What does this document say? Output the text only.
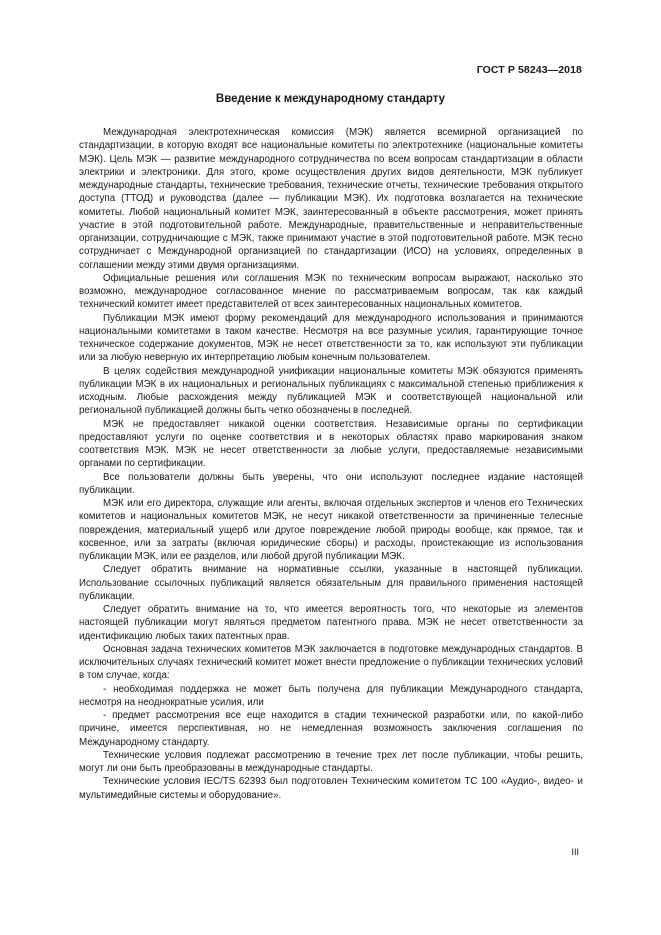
ГОСТ Р 58243—2018
Введение к международному стандарту

Международная электротехническая комиссия (МЭК) является всемирной организацией по стандартизации, в которую входят все национальные комитеты по электротехнике (национальные комитеты МЭК). Цель МЭК — развитие международного сотрудничества по всем вопросам стандартизации в области электрики и электроники. Для этого, кроме осуществления других видов деятельности, МЭК публикует международные стандарты, технические требования, технические отчеты, технические требования открытого доступа (ТТОД) и руководства (далее — публикации МЭК). Их подготовка возлагается на технические комитеты. Любой национальный комитет МЭК, заинтересованный в объекте рассмотрения, может принять участие в этой подготовительной работе. Международные, правительственные и неправительственные организации, сотрудничающие с МЭК, также принимают участие в этой подготовительной работе. МЭК тесно сотрудничает с Международной организацией по стандартизации (ИСО) на условиях, определенных в соглашении между этими двумя организациями.

Официальные решения или соглашения МЭК по техническим вопросам выражают, насколько это возможно, международное согласованное мнение по рассматриваемым вопросам, так как каждый технический комитет имеет представителей от всех заинтересованных национальных комитетов.

Публикации МЭК имеют форму рекомендаций для международного использования и принимаются национальными комитетами в таком качестве. Несмотря на все разумные усилия, гарантирующие точное техническое содержание документов, МЭК не несет ответственности за то, как используют эти публикации или за любую неверную их интерпретацию любым конечным пользователем.

В целях содействия международной унификации национальные комитеты МЭК обязуются применять публикации МЭК в их национальных и региональных публикациях с максимальной степенью приближения к исходным. Любые расхождения между публикацией МЭК и соответствующей национальной или региональной публикацией должны быть четко обозначены в последней.

МЭК не предоставляет никакой оценки соответствия. Независимые органы по сертификации предоставляют услуги по оценке соответствия и в некоторых областях право маркирования знаком соответствия МЭК. МЭК не несет ответственности за любые услуги, предоставляемые независимыми органами по сертификации.

Все пользователи должны быть уверены, что они используют последнее издание настоящей публикации.

МЭК или его директора, служащие или агенты, включая отдельных экспертов и членов его Технических комитетов и национальных комитетов МЭК, не несут никакой ответственности за причиненные телесные повреждения, материальный ущерб или другое повреждение любой природы вообще, как прямое, так и косвенное, или за затраты (включая юридические сборы) и расходы, проистекающие из использования публикации МЭК, или ее разделов, или любой другой публикации МЭК.

Следует обратить внимание на нормативные ссылки, указанные в настоящей публикации. Использование ссылочных публикаций является обязательным для правильного применения настоящей публикации.

Следует обратить внимание на то, что имеется вероятность того, что некоторые из элементов настоящей публикации могут являться предметом патентного права. МЭК не несет ответственности за идентификацию любых таких патентных прав.

Основная задача технических комитетов МЭК заключается в подготовке международных стандартов. В исключительных случаях технический комитет может внести предложение о публикации технических условий в том случае, когда:

- необходимая поддержка не может быть получена для публикации Международного стандарта, несмотря на неоднократные усилия, или

- предмет рассмотрения все еще находится в стадии технической разработки или, по какой-либо причине, имеется перспективная, но не немедленная возможность заключения соглашения по Международному стандарту.

Технические условия подлежат рассмотрению в течение трех лет после публикации, чтобы решить, могут ли они быть преобразованы в международные стандарты.

Технические условия IEC/TS 62393 был подготовлен Техническим комитетом ТС 100 «Аудио-, видео- и мультимедийные системы и оборудование».

III
